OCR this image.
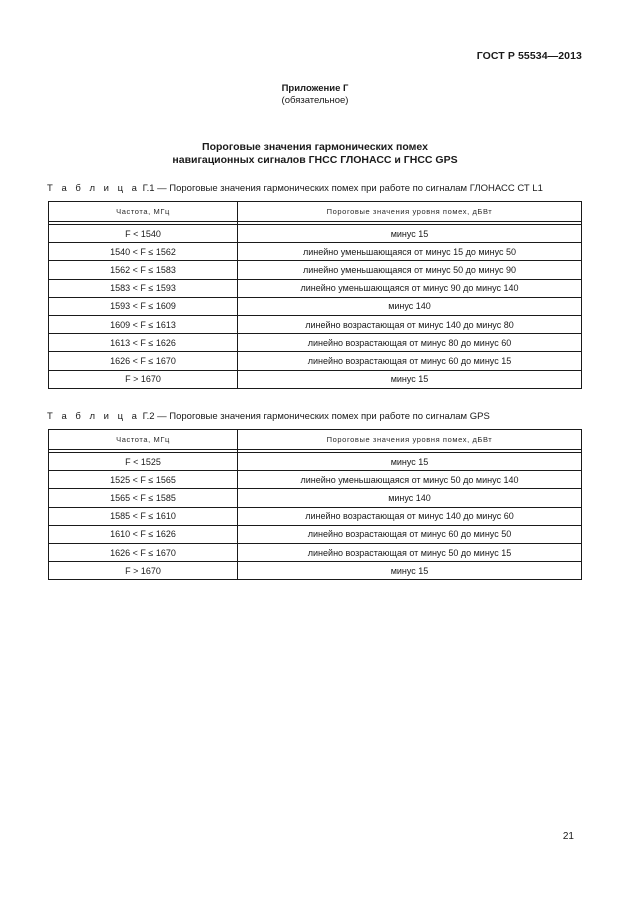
ГОСТ Р 55534—2013
Приложение Г
(обязательное)
Пороговые значения гармонических помех
навигационных сигналов ГНСС ГЛОНАСС и ГНСС GPS
Т а б л и ц а Г.1 — Пороговые значения гармонических помех при работе по сигналам ГЛОНАСС СТ L1
Частота, МГц	Пороговые значения уровня помех, дБВт

F < 1540	минус 15
1540 < F ≤ 1562	линейно уменьшающаяся от минус 15 до минус 50
1562 < F ≤ 1583	линейно уменьшающаяся от минус 50 до минус 90
1583 < F ≤ 1593	линейно уменьшающаяся от минус 90 до минус 140
1593 < F ≤ 1609	минус 140
1609 < F ≤ 1613	линейно возрастающая от минус 140 до минус 80
1613 < F ≤ 1626	линейно возрастающая от минус 80 до минус 60
1626 < F ≤ 1670	линейно возрастающая от минус 60 до минус 15
F > 1670	минус 15
Т а б л и ц а Г.2 — Пороговые значения гармонических помех при работе по сигналам GPS
Частота, МГц	Пороговые значения уровня помех, дБВт

F < 1525	минус 15
1525 < F ≤ 1565	линейно уменьшающаяся от минус 50 до минус 140
1565 < F ≤ 1585	минус 140
1585 < F ≤ 1610	линейно возрастающая от минус 140 до минус 60
1610 < F ≤ 1626	линейно возрастающая от минус 60 до минус 50
1626 < F ≤ 1670	линейно возрастающая от минус 50 до минус 15
F > 1670	минус 15
21
